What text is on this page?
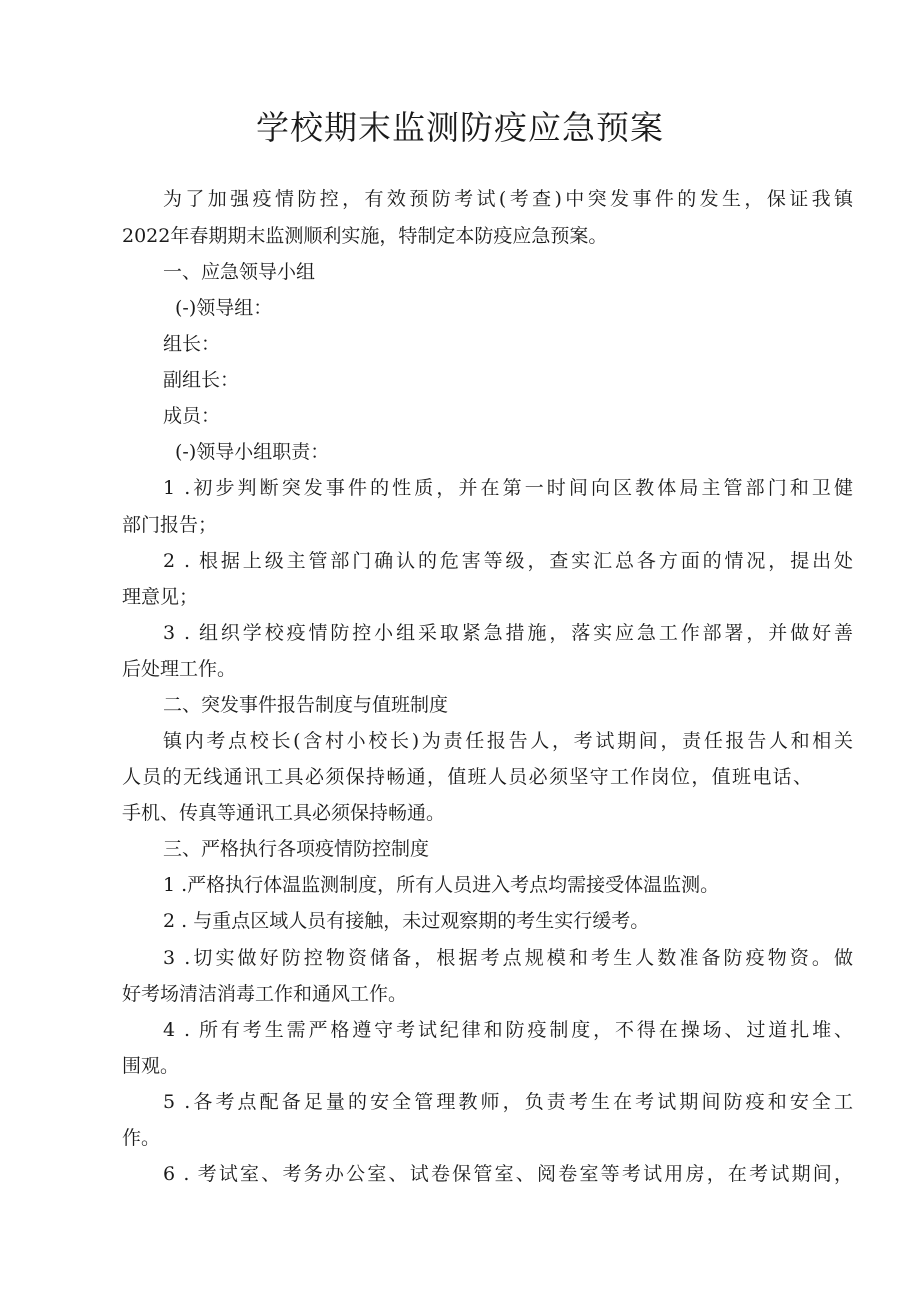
学校期末监测防疫应急预案

为了加强疫情防控，有效预防考试(考查)中突发事件的发生，保证我镇

2022年春期期末监测顺利实施，特制定本防疫应急预案。

一、应急领导小组

(-)领导组：

组长：

副组长：

成员：

(-)领导小组职责：

1 .初步判断突发事件的性质，并在第一时间向区教体局主管部门和卫健

部门报告；

2 . 根据上级主管部门确认的危害等级，查实汇总各方面的情况，提出处

理意见；

3 . 组织学校疫情防控小组采取紧急措施，落实应急工作部署，并做好善

后处理工作。

二、突发事件报告制度与值班制度

镇内考点校长(含村小校长)为责任报告人，考试期间，责任报告人和相关

人员的无线通讯工具必须保持畅通，值班人员必须坚守工作岗位，值班电话、

手机、传真等通讯工具必须保持畅通。

三、严格执行各项疫情防控制度

1 .严格执行体温监测制度，所有人员进入考点均需接受体温监测。

2 . 与重点区域人员有接触，未过观察期的考生实行缓考。

3 .切实做好防控物资储备，根据考点规模和考生人数准备防疫物资。做

好考场清洁消毒工作和通风工作。

4 . 所有考生需严格遵守考试纪律和防疫制度，不得在操场、过道扎堆、

围观。

5 .各考点配备足量的安全管理教师，负责考生在考试期间防疫和安全工

作。

6 . 考试室、考务办公室、试卷保管室、阅卷室等考试用房，在考试期间，
